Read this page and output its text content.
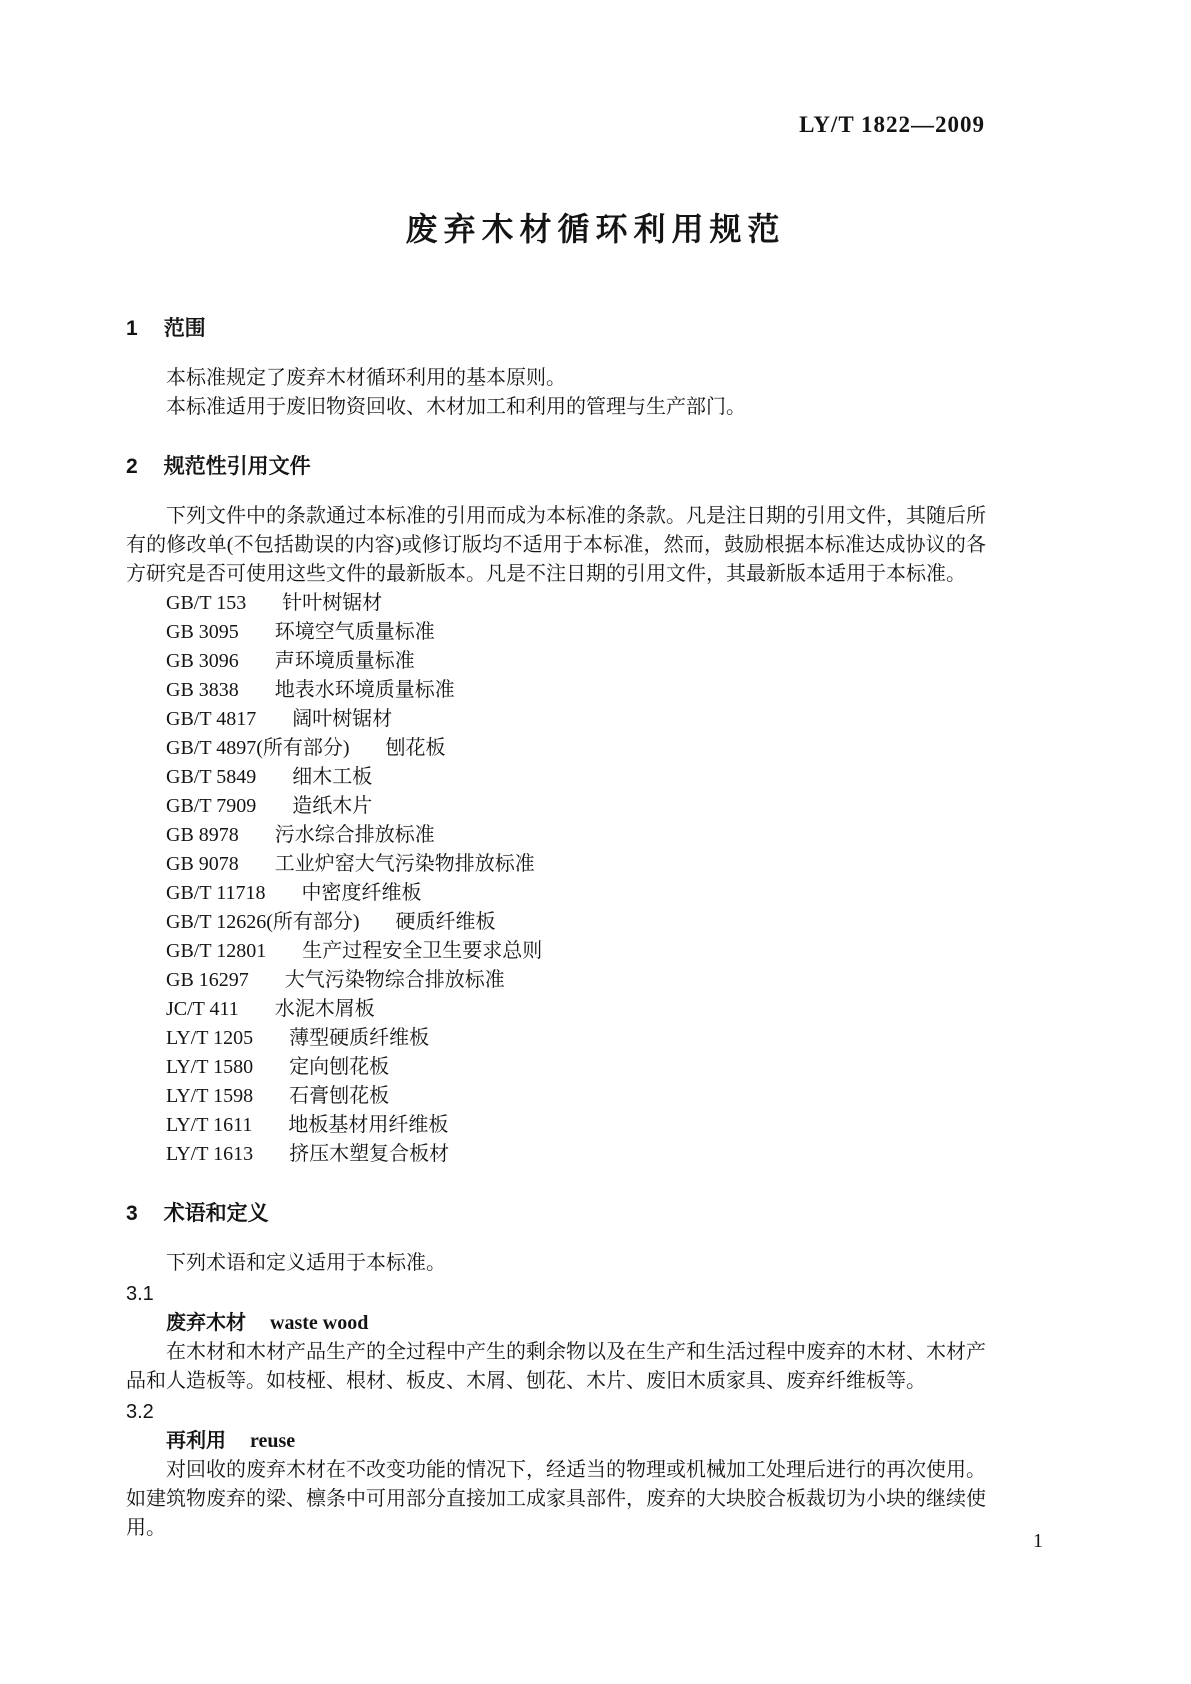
LY/T 1822—2009
废弃木材循环利用规范
1 范围

本标准规定了废弃木材循环利用的基本原则。

本标准适用于废旧物资回收、木材加工和利用的管理与生产部门。

2 规范性引用文件

下列文件中的条款通过本标准的引用而成为本标准的条款。凡是注日期的引用文件，其随后所有的修改单(不包括勘误的内容)或修订版均不适用于本标准，然而，鼓励根据本标准达成协议的各方研究是否可使用这些文件的最新版本。凡是不注日期的引用文件，其最新版本适用于本标准。

GB/T 153 针叶树锯材
GB 3095 环境空气质量标准
GB 3096 声环境质量标准
GB 3838 地表水环境质量标准
GB/T 4817 阔叶树锯材
GB/T 4897(所有部分) 刨花板
GB/T 5849 细木工板
GB/T 7909 造纸木片
GB 8978 污水综合排放标准
GB 9078 工业炉窑大气污染物排放标准
GB/T 11718 中密度纤维板
GB/T 12626(所有部分) 硬质纤维板
GB/T 12801 生产过程安全卫生要求总则
GB 16297 大气污染物综合排放标准
JC/T 411 水泥木屑板
LY/T 1205 薄型硬质纤维板
LY/T 1580 定向刨花板
LY/T 1598 石膏刨花板
LY/T 1611 地板基材用纤维板
LY/T 1613 挤压木塑复合板材
3 术语和定义

下列术语和定义适用于本标准。

3.1
废弃木材 waste wood

在木材和木材产品生产的全过程中产生的剩余物以及在生产和生活过程中废弃的木材、木材产品和人造板等。如枝桠、根材、板皮、木屑、刨花、木片、废旧木质家具、废弃纤维板等。

3.2
再利用 reuse

对回收的废弃木材在不改变功能的情况下，经适当的物理或机械加工处理后进行的再次使用。如建筑物废弃的梁、檩条中可用部分直接加工成家具部件，废弃的大块胶合板裁切为小块的继续使用。

1
